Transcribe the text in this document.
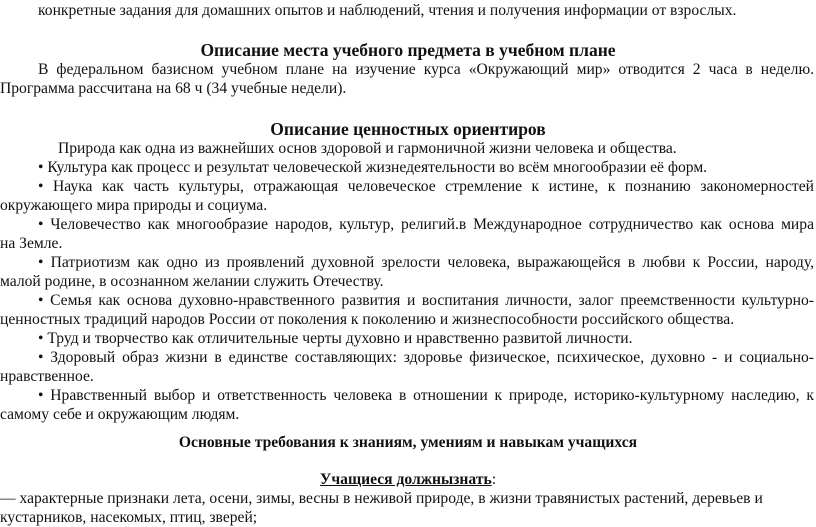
конкретные задания для домашних опытов и наблюдений, чтения и получения информации от взрослых.
Описание места учебного предмета в учебном плане
В федеральном базисном учебном плане на изучение курса «Окружающий мир» отводится 2 часа в неделю.
Программа рассчитана на 68 ч (34 учебные недели).
Описание ценностных ориентиров
Природа как одна из важнейших основ здоровой и гармоничной жизни человека и общества.
• Культура как процесс и результат человеческой жизнедеятельности во всём многообразии её форм.
• Наука как часть культуры, отражающая человеческое стремление к истине, к познанию закономерностей
окружающего мира природы и социума.
• Человечество как многообразие народов, культур, религий.в Международное сотрудничество как основа мира
на Земле.
• Патриотизм как одно из проявлений духовной зрелости человека, выражающейся в любви к России, народу,
малой родине, в осознанном желании служить Отечеству.
• Семья как основа духовно-нравственного развития и воспитания личности, залог преемственности культурно-
ценностных традиций народов России от поколения к поколению и жизнеспособности российского общества.
• Труд и творчество как отличительные черты духовно и нравственно развитой личности.
• Здоровый образ жизни в единстве составляющих: здоровье физическое, психическое, духовно - и социально-
нравственное.
• Нравственный выбор и ответственность человека в отношении к природе, историко-культурному наследию, к
самому себе и окружающим людям.
Основные требования к знаниям, умениям и навыкам учащихся
Учащиеся должнызнать:
— характерные признаки лета, осени, зимы, весны в неживой природе, в жизни травянистых растений, деревьев и
кустарников, насекомых, птиц, зверей;
